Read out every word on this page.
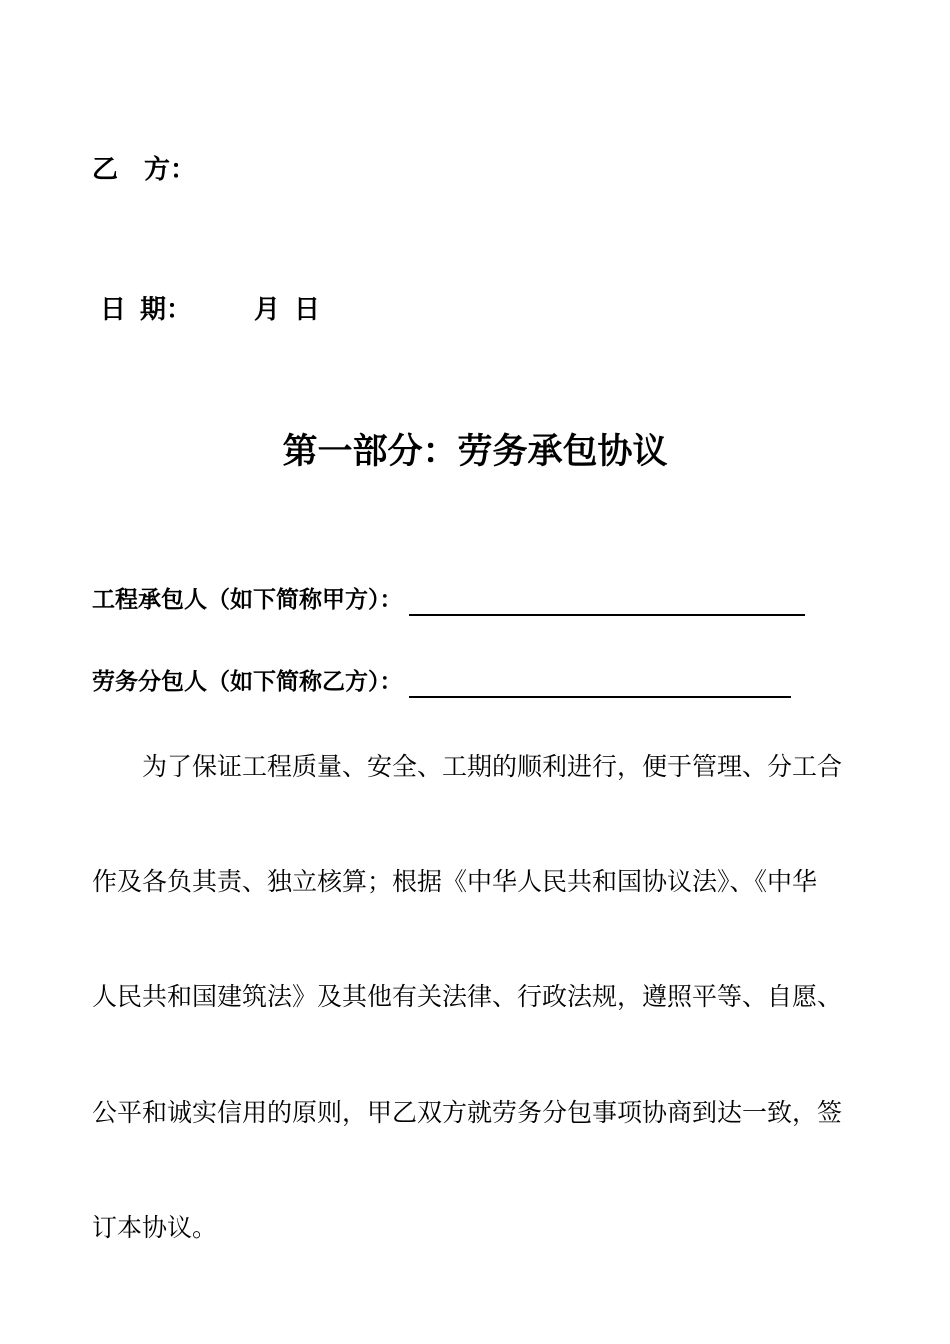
乙　方：
日 期： 月 日
第一部分：劳务承包协议
工程承包人（如下简称甲方）：
劳务分包人（如下简称乙方）：
为了保证工程质量、安全、工期的顺利进行，便于管理、分工合
作及各负其责、独立核算；根据《中华人民共和国协议法》、《中华
人民共和国建筑法》及其他有关法律、行政法规，遵照平等、自愿、
公平和诚实信用的原则，甲乙双方就劳务分包事项协商到达一致，签
订本协议。
